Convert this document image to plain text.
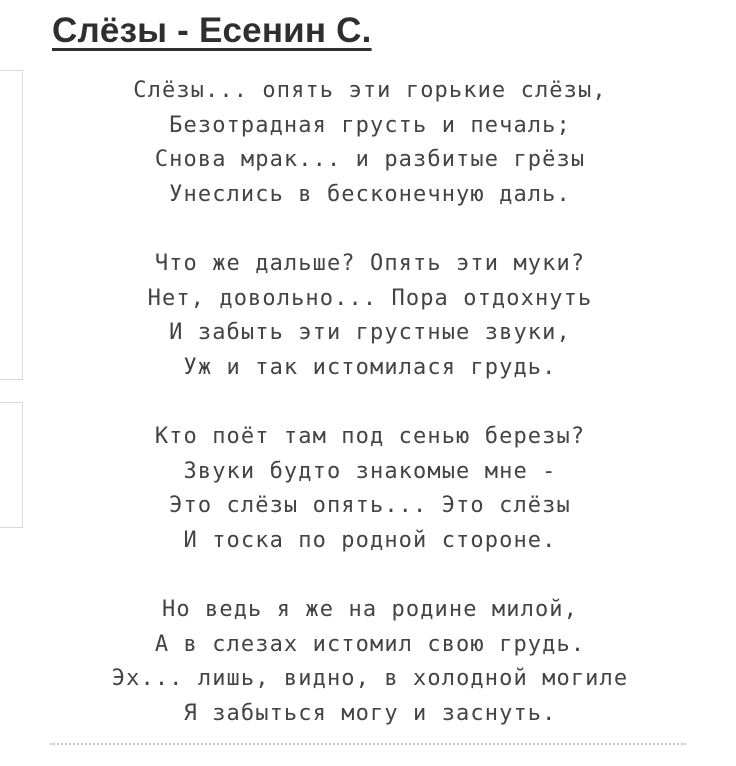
Слёзы - Есенин С.
Слёзы... опять эти горькие слёзы,
Безотрадная грусть и печаль;
Снова мрак... и разбитые грёзы
Унеслись в бесконечную даль.
Что же дальше? Опять эти муки?
Нет, довольно... Пора отдохнуть
И забыть эти грустные звуки,
Уж и так истомилася грудь.
Кто поёт там под сенью березы?
Звуки будто знакомые мне -
Это слёзы опять... Это слёзы
И тоска по родной стороне.
Но ведь я же на родине милой,
А в слезах истомил свою грудь.
Эх... лишь, видно, в холодной могиле
Я забыться могу и заснуть.
